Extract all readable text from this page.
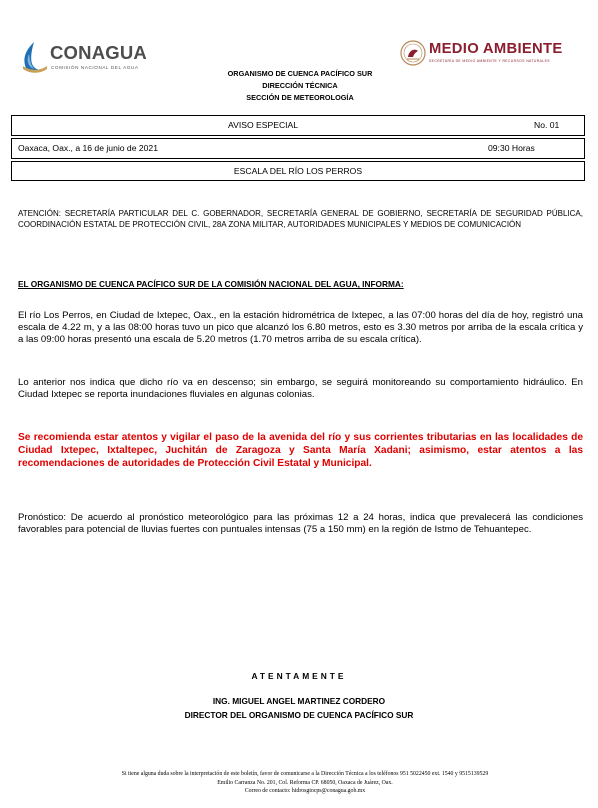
CONAGUA
COMISIÓN NACIONAL DEL AGUA
MEDIO AMBIENTE
SECRETARÍA DE MEDIO AMBIENTE Y RECURSOS NATURALES
ORGANISMO DE CUENCA PACÍFICO SUR
DIRECCIÓN TÉCNICA
SECCIÓN DE METEOROLOGÍA
AVISO ESPECIAL	No. 01
Oaxaca, Oax., a 16 de junio de 2021	09:30 Horas
ESCALA DEL RÍO LOS PERROS
ATENCIÓN: SECRETARÍA PARTICULAR DEL C. GOBERNADOR, SECRETARÍA GENERAL DE GOBIERNO, SECRETARÍA DE SEGURIDAD PÚBLICA, COORDINACIÓN ESTATAL DE PROTECCIÓN CIVIL, 28A ZONA MILITAR, AUTORIDADES MUNICIPALES Y MEDIOS DE COMUNICACIÓN
EL ORGANISMO DE CUENCA PACÍFICO SUR DE LA COMISIÓN NACIONAL DEL AGUA, INFORMA:
El río Los Perros, en Ciudad de Ixtepec, Oax., en la estación hidrométrica de Ixtepec, a las 07:00 horas del día de hoy, registró una escala de 4.22 m, y a las 08:00 horas tuvo un pico que alcanzó los 6.80 metros, esto es 3.30 metros por arriba de la escala crítica y a las 09:00 horas presentó una escala de 5.20 metros (1.70 metros arriba de su escala crítica).
Lo anterior nos indica que dicho río va en descenso; sin embargo, se seguirá monitoreando su comportamiento hidráulico. En Ciudad Ixtepec se reporta inundaciones fluviales en algunas colonias.
Se recomienda estar atentos y vigilar el paso de la avenida del río y sus corrientes tributarias en las localidades de Ciudad Ixtepec, Ixtaltepec, Juchitán de Zaragoza y Santa María Xadani; asimismo, estar atentos a las recomendaciones de autoridades de Protección Civil Estatal y Municipal.
Pronóstico: De acuerdo al pronóstico meteorológico para las próximas 12 a 24 horas, indica que prevalecerá las condiciones favorables para potencial de lluvias fuertes con puntuales intensas (75 a 150 mm) en la región de Istmo de Tehuantepec.
ATENTAMENTE
ING. MIGUEL ANGEL MARTINEZ CORDERO
DIRECTOR DEL ORGANISMO DE CUENCA PACÍFICO SUR
Si tiene alguna duda sobre la interpretación de este boletín, favor de comunicarse a la Dirección Técnica a los teléfonos 951 5022450 ext. 1540 y 9515139529
Emilio Carranza No. 201, Col. Reforma CP. 68050, Oaxaca de Juárez, Oax.
Correo de contacto: hidrosgtocps@conagua.gob.mx
